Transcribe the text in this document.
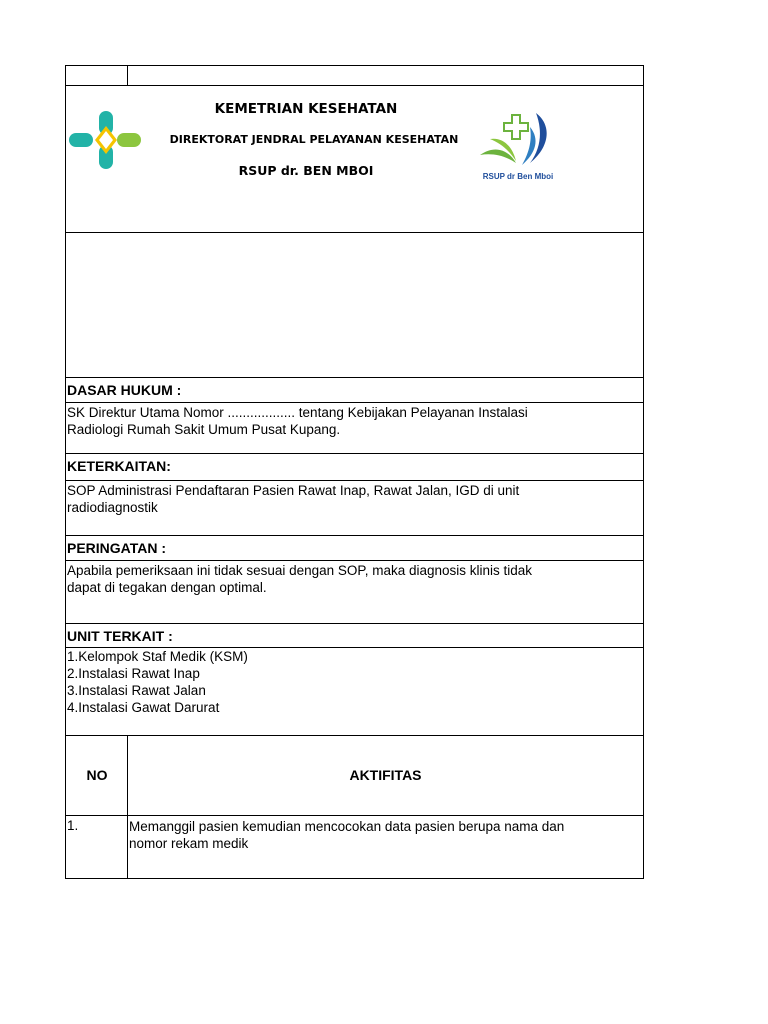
KEMETRIAN KESEHATAN
DIREKTORAT JENDRAL PELAYANAN KESEHATAN
RSUP dr. BEN MBOI	RSUP dr Ben Mboi
DASAR HUKUM :
SK Direktur Utama Nomor .................. tentang Kebijakan Pelayanan Instalasi
Radiologi Rumah Sakit Umum Pusat Kupang.
KETERKAITAN:
SOP Administrasi Pendaftaran Pasien Rawat Inap, Rawat Jalan, IGD di unit
radiodiagnostik
PERINGATAN :
Apabila pemeriksaan ini tidak sesuai dengan SOP, maka diagnosis klinis tidak
dapat di tegakan dengan optimal.
UNIT TERKAIT :
1.Kelompok Staf Medik (KSM)
2.Instalasi Rawat Inap
3.Instalasi Rawat Jalan
4.Instalasi Gawat Darurat
NO	AKTIFITAS
1.	Memanggil pasien kemudian mencocokan data pasien berupa nama dan
nomor rekam medik
